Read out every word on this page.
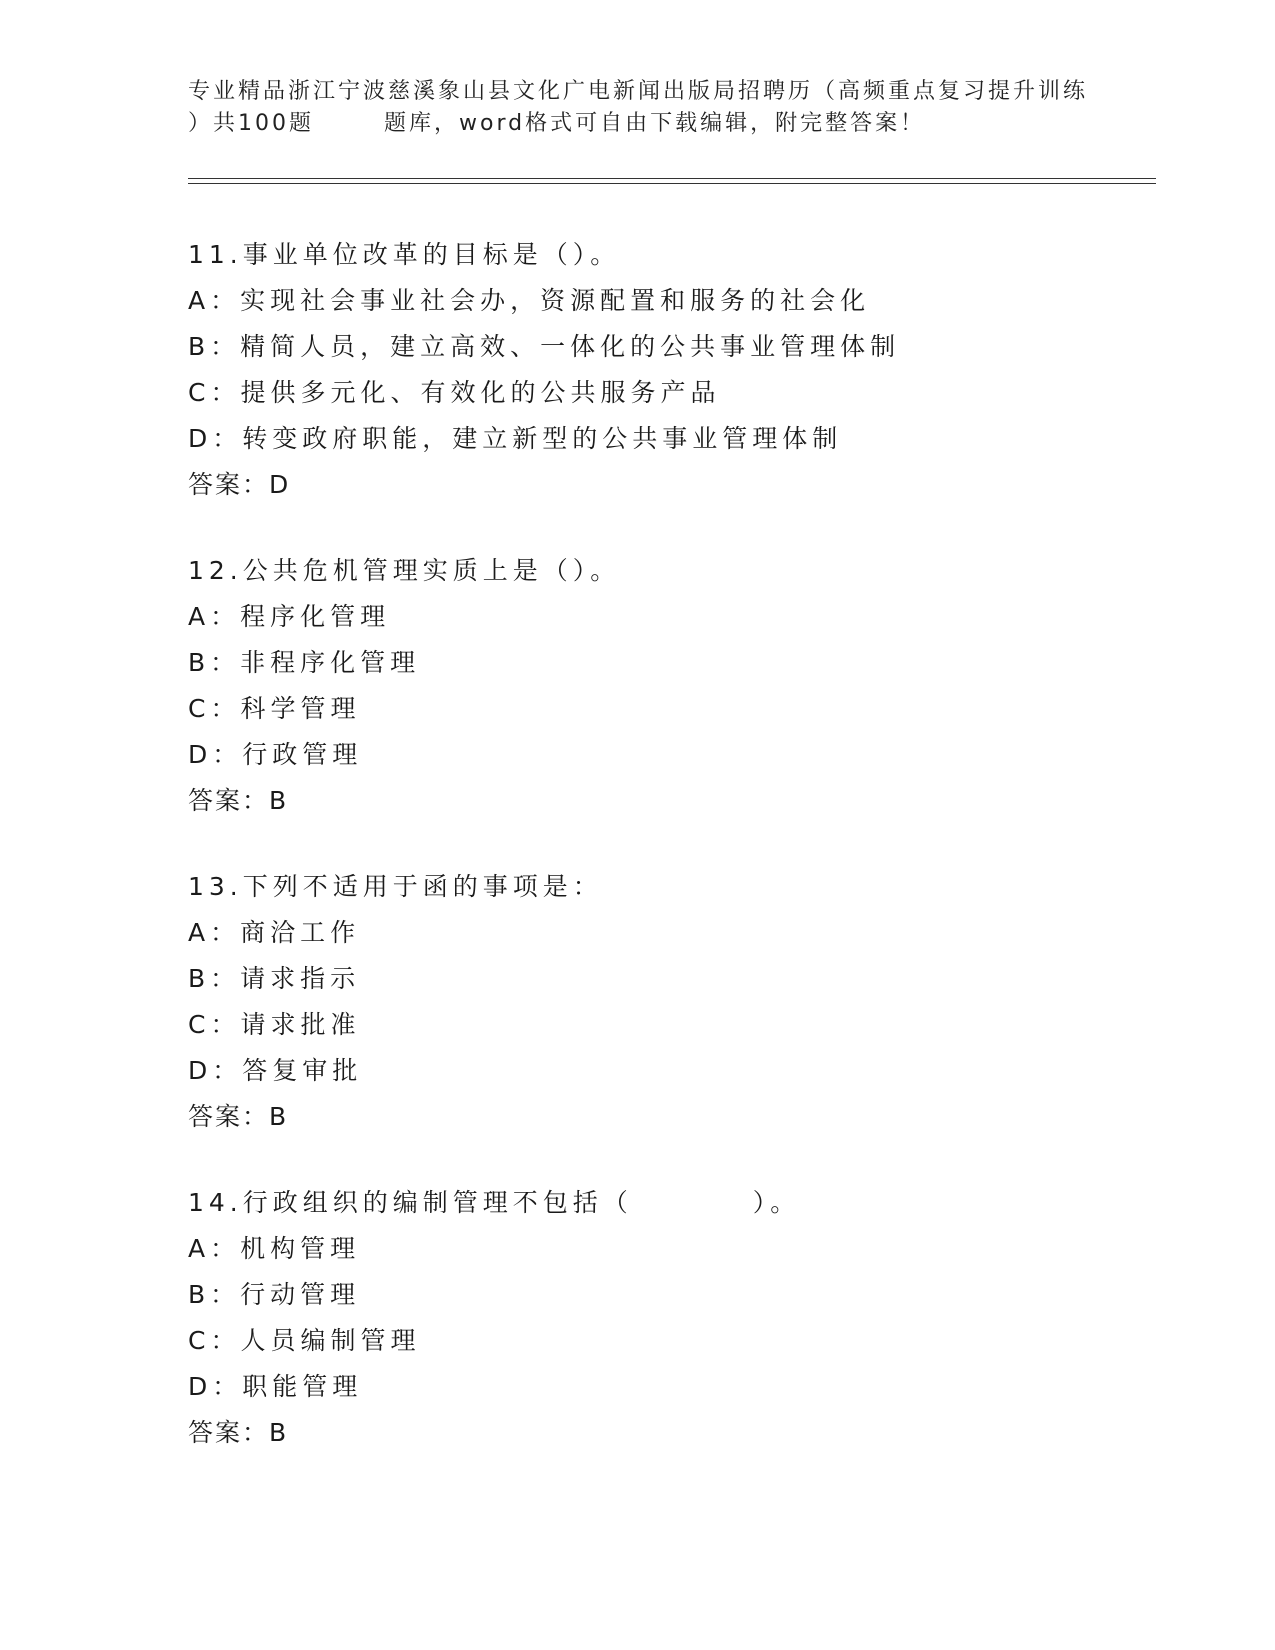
专业精品浙江宁波慈溪象山县文化广电新闻出版局招聘历（高频重点复习提升训练
）共100题	题库，word格式可自由下载编辑，附完整答案！
11.事业单位改革的目标是（）。
A：实现社会事业社会办，资源配置和服务的社会化
B：精简人员，建立高效、一体化的公共事业管理体制
C：提供多元化、有效化的公共服务产品
D：转变政府职能，建立新型的公共事业管理体制
答案：D
12.公共危机管理实质上是（）。
A：程序化管理
B：非程序化管理
C：科学管理
D：行政管理
答案：B
13.下列不适用于函的事项是：
A：商洽工作
B：请求指示
C：请求批准
D：答复审批
答案：B
14.行政组织的编制管理不包括（　　　　）。
A：机构管理
B：行动管理
C：人员编制管理
D：职能管理
答案：B
